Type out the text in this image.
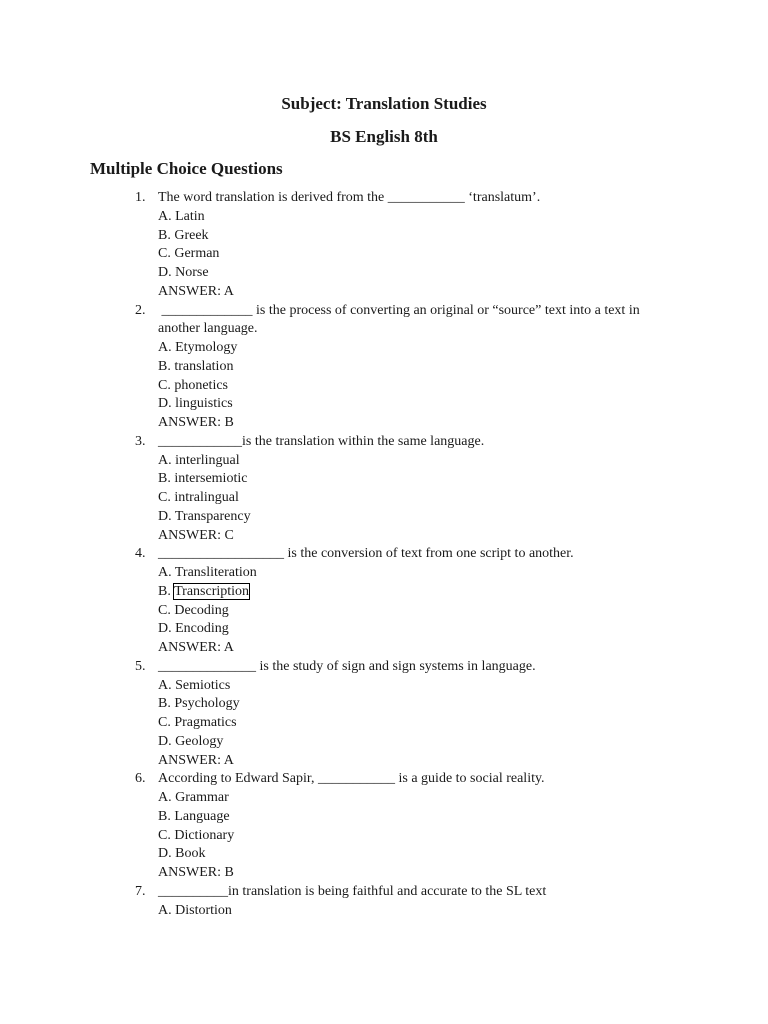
Subject: Translation Studies
BS English 8th
Multiple Choice Questions
1. The word translation is derived from the ___________ ‘translatum’.
A. Latin
B. Greek
C. German
D. Norse
ANSWER: A
2. _____________ is the process of converting an original or “source” text into a text in
another language.
A. Etymology
B. translation
C. phonetics
D. linguistics
ANSWER: B
3. ____________is the translation within the same language.
A. interlingual
B. intersemiotic
C. intralingual
D. Transparency
ANSWER: C
4. __________________ is the conversion of text from one script to another.
A. Transliteration
B. Transcription
C. Decoding
D. Encoding
ANSWER: A
5. ______________ is the study of sign and sign systems in language.
A. Semiotics
B. Psychology
C. Pragmatics
D. Geology
ANSWER: A
6. According to Edward Sapir, ___________ is a guide to social reality.
A. Grammar
B. Language
C. Dictionary
D. Book
ANSWER: B
7. __________in translation is being faithful and accurate to the SL text
A. Distortion
